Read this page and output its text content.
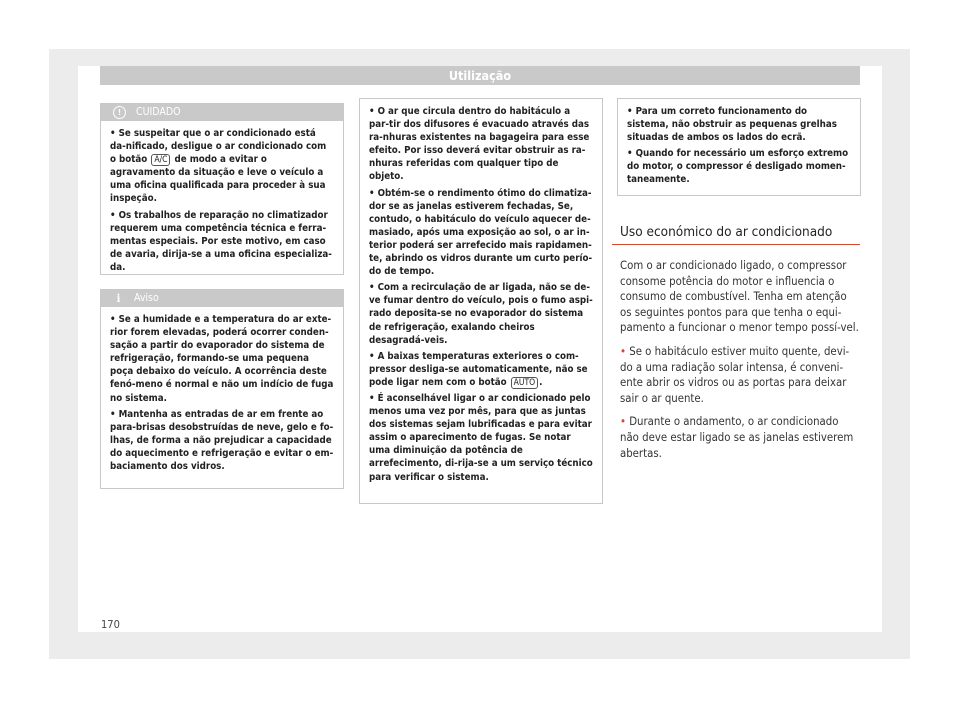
Utilização
!	CUIDADO
• Se suspeitar que o ar condicionado está da-nificado, desligue o ar condicionado com o botão A/C de modo a evitar o agravamento da situação e leve o veículo a uma oficina qualificada para proceder à sua inspeção.
• Os trabalhos de reparação no climatizador requerem uma competência técnica e ferra-mentas especiais. Por este motivo, em caso de avaria, dirija-se a uma oficina especializa-da.
ℹ	Aviso
• Se a humidade e a temperatura do ar exte-rior forem elevadas, poderá ocorrer conden-sação a partir do evaporador do sistema de refrigeração, formando-se uma pequena poça debaixo do veículo. A ocorrência deste fenó-meno é normal e não um indício de fuga no sistema.
• Mantenha as entradas de ar em frente ao para-brisas desobstruídas de neve, gelo e fo-lhas, de forma a não prejudicar a capacidade do aquecimento e refrigeração e evitar o em-baciamento dos vidros.
• O ar que circula dentro do habitáculo a par-tir dos difusores é evacuado através das ra-nhuras existentes na bagageira para esse efeito. Por isso deverá evitar obstruir as ra-nhuras referidas com qualquer tipo de objeto.
• Obtém-se o rendimento ótimo do climatiza-dor se as janelas estiverem fechadas, Se, contudo, o habitáculo do veículo aquecer de-masiado, após uma exposição ao sol, o ar in-terior poderá ser arrefecido mais rapidamen-te, abrindo os vidros durante um curto perío-do de tempo.
• Com a recirculação de ar ligada, não se de-ve fumar dentro do veículo, pois o fumo aspi-rado deposita-se no evaporador do sistema de refrigeração, exalando cheiros desagradá-veis.
• A baixas temperaturas exteriores o com-pressor desliga-se automaticamente, não se pode ligar nem com o botão AUTO .
• É aconselhável ligar o ar condicionado pelo menos uma vez por mês, para que as juntas dos sistemas sejam lubrificadas e para evitar assim o aparecimento de fugas. Se notar uma diminuição da potência de arrefecimento, di-rija-se a um serviço técnico para verificar o sistema.
• Para um correto funcionamento do sistema, não obstruir as pequenas grelhas situadas de ambos os lados do ecrã.
• Quando for necessário um esforço extremo do motor, o compressor é desligado momen-taneamente.
Uso económico do ar condicionado

Com o ar condicionado ligado, o compressor consome potência do motor e influencia o consumo de combustível. Tenha em atenção os seguintes pontos para que tenha o equi-pamento a funcionar o menor tempo possí-vel.

• Se o habitáculo estiver muito quente, devi-do a uma radiação solar intensa, é conveni-ente abrir os vidros ou as portas para deixar sair o ar quente.

• Durante o andamento, o ar condicionado não deve estar ligado se as janelas estiverem abertas.

170
